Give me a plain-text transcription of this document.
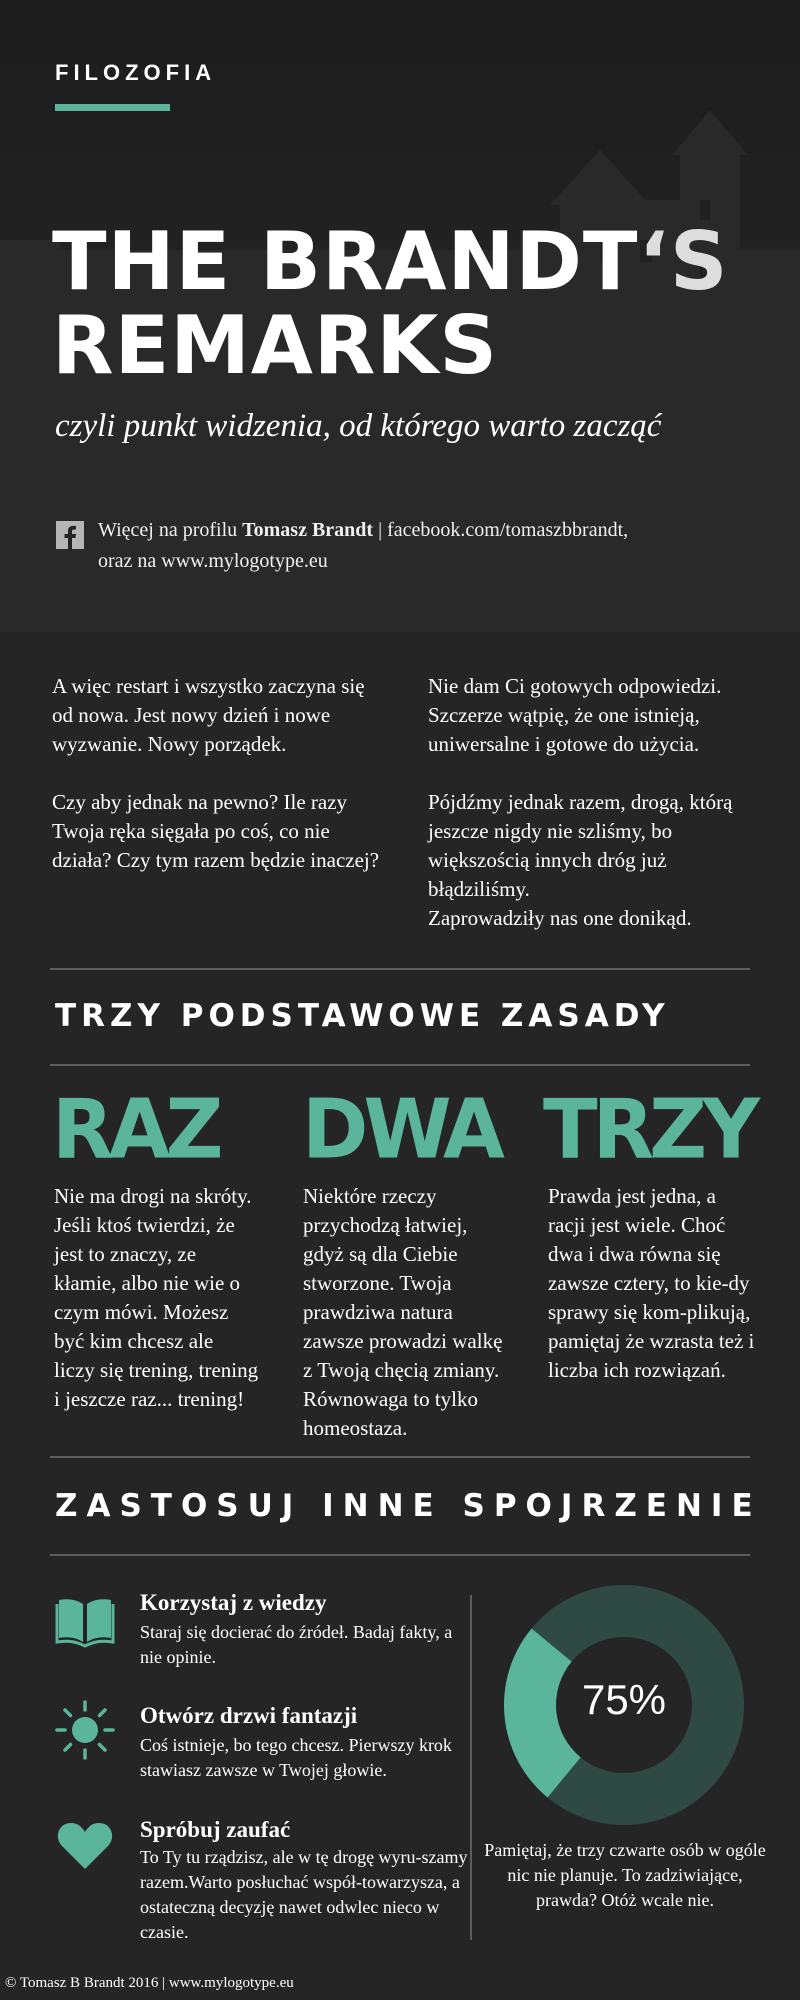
FILOZOFIA
THE BRANDT‘S
REMARKS
czyli punkt widzenia, od którego warto zacząć
Więcej na profilu Tomasz Brandt | facebook.com/tomaszbbrandt,
oraz na www.mylogotype.eu

A więc restart i wszystko zaczyna się od nowa. Jest nowy dzień i nowe wyzwanie. Nowy porządek.

Czy aby jednak na pewno? Ile razy Twoja ręka sięgała po coś, co nie działa? Czy tym razem będzie inaczej?

Nie dam Ci gotowych odpowiedzi. Szczerze wątpię, że one istnieją, uniwersalne i gotowe do użycia.

Pójdźmy jednak razem, drogą, którą jeszcze nigdy nie szliśmy, bo większością innych dróg już błądziliśmy.

Zaprowadziły nas one donikąd.

TRZY PODSTAWOWE ZASADY
RAZ DWA TRZY
Nie ma drogi na skróty. Jeśli ktoś twierdzi, że jest to znaczy, ze kłamie, albo nie wie o czym mówi. Możesz być kim chcesz ale liczy się trening, trening i jeszcze raz... trening!
Niektóre rzeczy przychodzą łatwiej, gdyż są dla Ciebie stworzone. Twoja prawdziwa natura zawsze prowadzi walkę z Twoją chęcią zmiany. Równowaga to tylko homeostaza.
Prawda jest jedna, a racji jest wiele. Choć dwa i dwa równa się zawsze cztery, to kie-dy sprawy się kom-plikują, pamiętaj że wzrasta też i liczba ich rozwiązań.
ZASTOSUJ INNE SPOJRZENIE
Korzystaj z wiedzy
Staraj się docierać do źródeł. Badaj fakty, a nie opinie.
Otwórz drzwi fantazji
Coś istnieje, bo tego chcesz. Pierwszy krok stawiasz zawsze w Twojej głowie.
Spróbuj zaufać
To Ty tu rządzisz, ale w tę drogę wyru-szamy razem.Warto posłuchać współ-towarzysza, a ostateczną decyzję nawet odwlec nieco w czasie.
75%
Pamiętaj, że trzy czwarte osób w ogóle nic nie planuje. To zadziwiające, prawda? Otóż wcale nie.
© Tomasz B Brandt 2016 | www.mylogotype.eu
